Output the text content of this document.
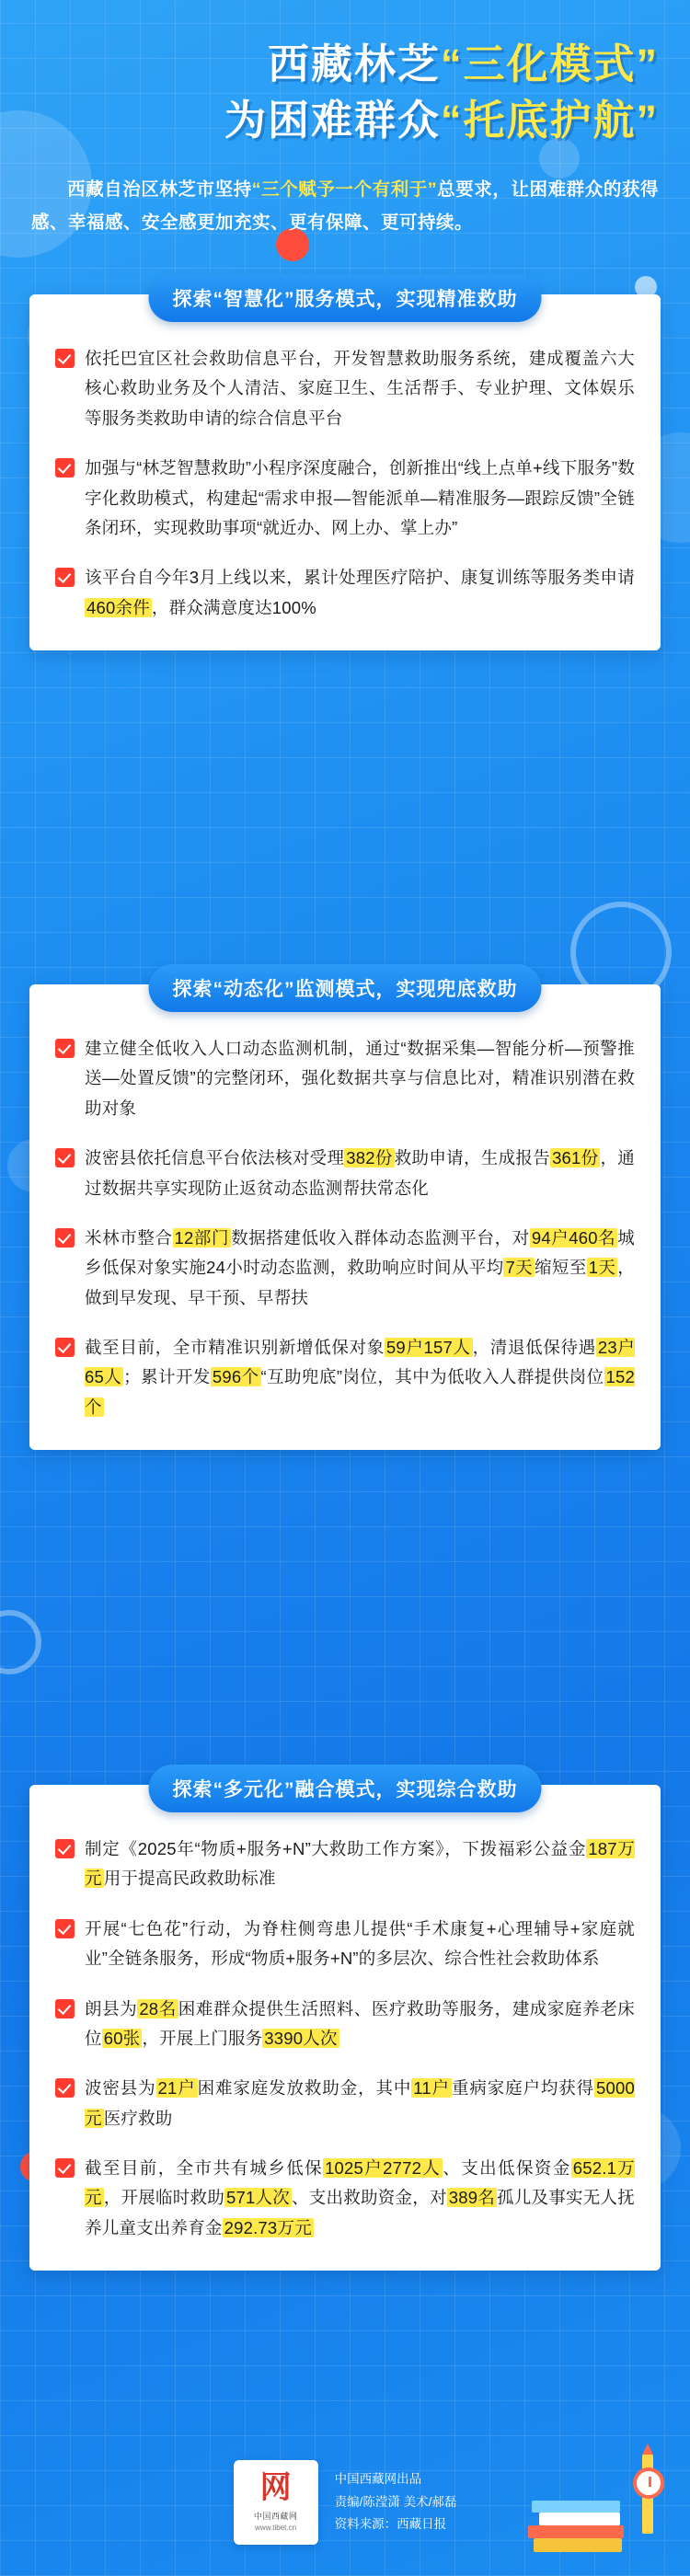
西藏林芝“三化模式”
为困难群众“托底护航”
西藏自治区林芝市坚持“三个赋予一个有利于”总要求，让困难群众的获得感、幸福感、安全感更加充实、更有保障、更可持续。
探索“智慧化”服务模式，实现精准救助
依托巴宜区社会救助信息平台，开发智慧救助服务系统，建成覆盖六大核心救助业务及个人清洁、家庭卫生、生活帮手、专业护理、文体娱乐等服务类救助申请的综合信息平台
加强与“林芝智慧救助”小程序深度融合，创新推出“线上点单+线下服务”数字化救助模式，构建起“需求申报—智能派单—精准服务—跟踪反馈”全链条闭环，实现救助事项“就近办、网上办、掌上办”
该平台自今年3月上线以来，累计处理医疗陪护、康复训练等服务类申请460余件 ，群众满意度达100%
探索“动态化”监测模式，实现兜底救助
建立健全低收入人口动态监测机制，通过“数据采集—智能分析—预警推送—处置反馈”的完整闭环，强化数据共享与信息比对，精准识别潜在救助对象
波密县依托信息平台依法核对受理 382份 救助申请，生成报告 361份 ，通过数据共享实现防止返贫动态监测帮扶常态化
米林市整合 12部门 数据搭建低收入群体动态监测平台，对 94户460名 城乡低保对象实施24小时动态监测，救助响应时间从平均 7天 缩短至 1天 ，做到早发现、早干预、早帮扶
截至目前，全市精准识别新增低保对象 59户157人 ，清退低保待遇 23户65人 ；累计开发 596个 “互助兜底”岗位，其中为低收入人群提供岗位 152个
探索“多元化”融合模式，实现综合救助
制定《2025年“物质+服务+N”大救助工作方案》，下拨福彩公益金 187万元 用于提高民政救助标准
开展“七色花”行动，为脊柱侧弯患儿提供“手术康复+心理辅导+家庭就业”全链条服务，形成“物质+服务+N”的多层次、综合性社会救助体系
朗县为 28名 困难群众提供生活照料、医疗救助等服务，建成家庭养老床位 60张 ，开展上门服务 3390人次
波密县为 21户 困难家庭发放救助金，其中 11户 重病家庭户均获得 5000元 医疗救助
截至目前，全市共有城乡低保 1025户2772人 、支出低保资金 652.1万元 ，开展临时救助 571人次 、支出救助资金，对 389名 孤儿及事实无人抚养儿童支出养育金 292.73万元
网
中国西藏网
www.tibet.cn
中国西藏网出品
责编/陈滢潇 美术/郝磊
资料来源：西藏日报
